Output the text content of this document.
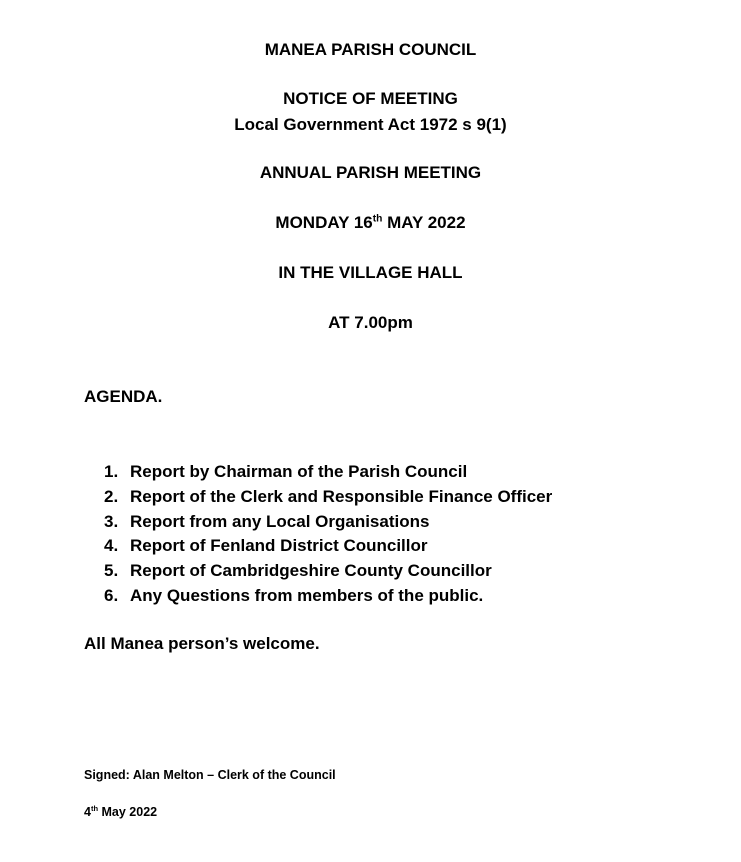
MANEA PARISH COUNCIL
NOTICE OF MEETING
Local Government Act 1972 s 9(1)
ANNUAL PARISH MEETING
MONDAY 16th MAY 2022
IN THE VILLAGE HALL
AT 7.00pm
AGENDA.
1. Report by Chairman of the Parish Council
2. Report of the Clerk and Responsible Finance Officer
3. Report from any Local Organisations
4. Report of Fenland District Councillor
5. Report of Cambridgeshire County Councillor
6. Any Questions from members of the public.
All Manea person’s welcome.
Signed: Alan Melton – Clerk of the Council
4th May 2022
